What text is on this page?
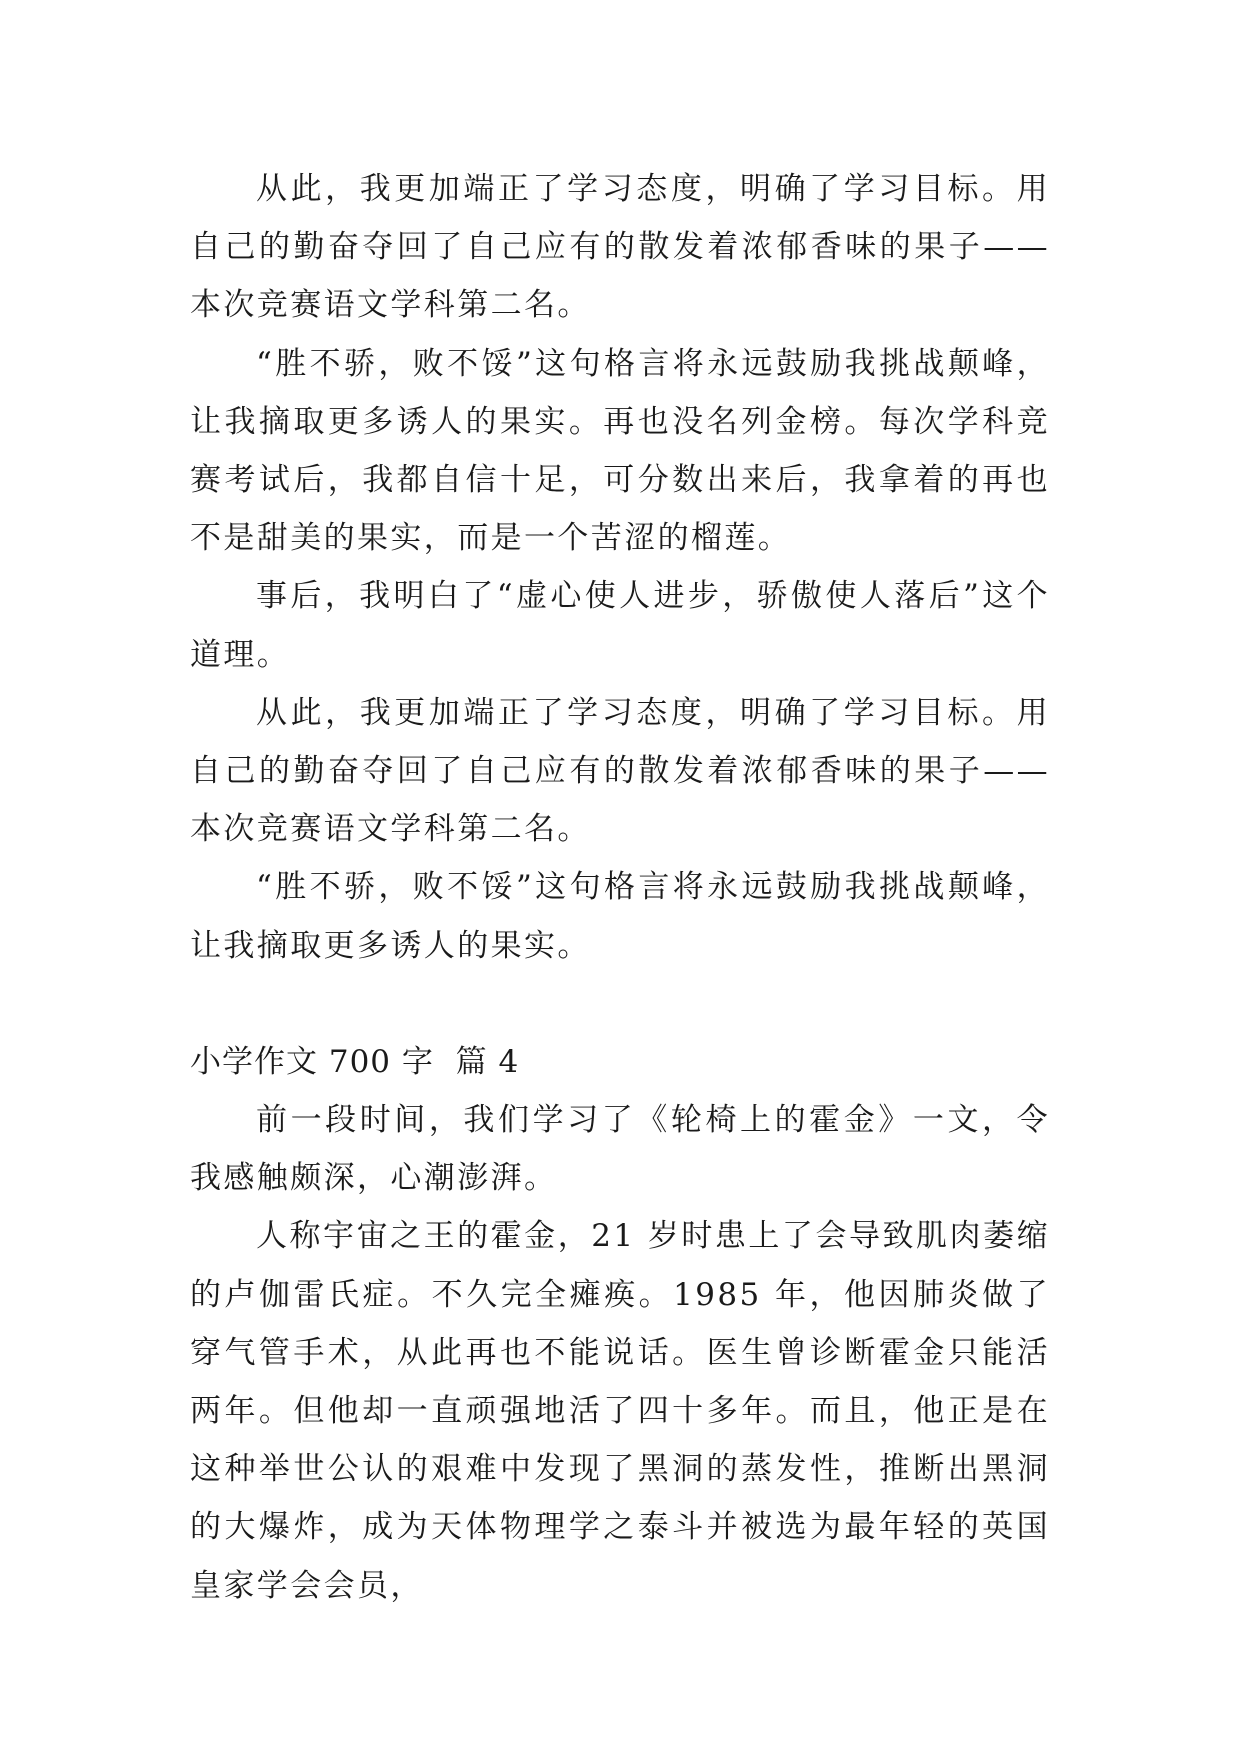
从此，我更加端正了学习态度，明确了学习目标。用自己的勤奋夺回了自己应有的散发着浓郁香味的果子——本次竞赛语文学科第二名。

“胜不骄，败不馁”这句格言将永远鼓励我挑战颠峰，让我摘取更多诱人的果实。再也没名列金榜。每次学科竞赛考试后，我都自信十足，可分数出来后，我拿着的再也不是甜美的果实，而是一个苦涩的榴莲。

事后，我明白了“虚心使人进步，骄傲使人落后”这个道理。

从此，我更加端正了学习态度，明确了学习目标。用自己的勤奋夺回了自己应有的散发着浓郁香味的果子——本次竞赛语文学科第二名。

“胜不骄，败不馁”这句格言将永远鼓励我挑战颠峰，让我摘取更多诱人的果实。

小学作文 700 字  篇 4

前一段时间，我们学习了《轮椅上的霍金》一文，令我感触颇深，心潮澎湃。

人称宇宙之王的霍金，21 岁时患上了会导致肌肉萎缩的卢伽雷氏症。不久完全瘫痪。1985 年，他因肺炎做了穿气管手术，从此再也不能说话。医生曾诊断霍金只能活两年。但他却一直顽强地活了四十多年。而且，他正是在这种举世公认的艰难中发现了黑洞的蒸发性，推断出黑洞的大爆炸，成为天体物理学之泰斗并被选为最年轻的英国皇家学会会员，
